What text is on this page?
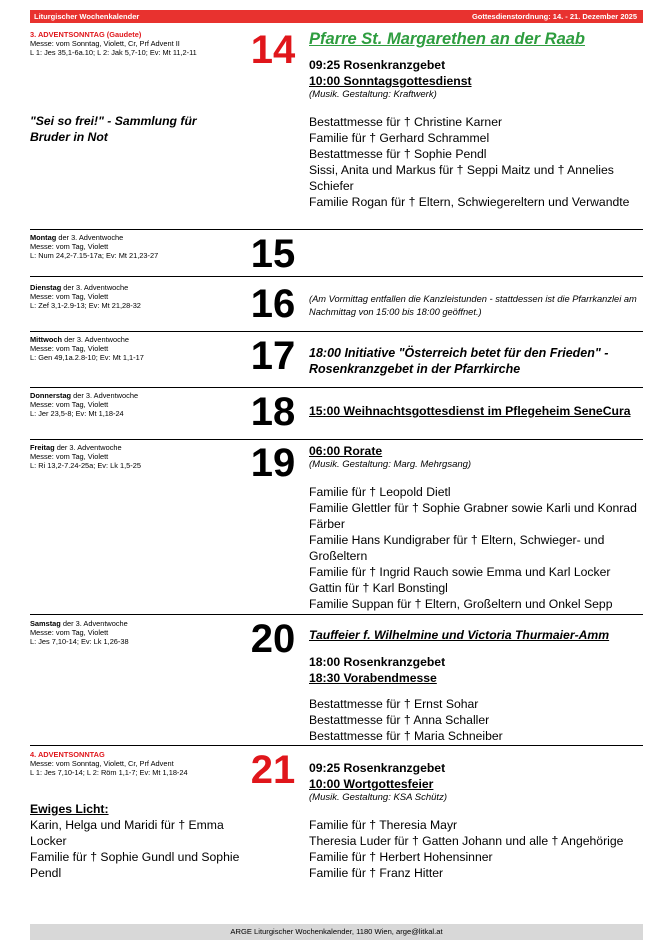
Liturgischer Wochenkalender	Gottesdienstordnung: 14. - 21. Dezember 2025
3. ADVENTSONNTAG (Gaudete)
Messe: vom Sonntag, Violett, Cr, Prf Advent II
L 1: Jes 35,1-6a.10; L 2: Jak 5,7-10; Ev: Mt 11,2-11
"Sei so frei!" - Sammlung für Bruder in Not
14 Pfarre St. Margarethen an der Raab
09:25 Rosenkranzgebet
10:00 Sonntagsgottesdienst
(Musik. Gestaltung: Kraftwerk)
Bestattmesse für † Christine Karner
Familie für † Gerhard Schrammel
Bestattmesse für † Sophie Pendl
Sissi, Anita und Markus für † Seppi Maitz und † Annelies Schiefer
Familie Rogan für † Eltern, Schwiegereltern und Verwandte
Montag der 3. Adventwoche
Messe: vom Tag, Violett
L: Num 24,2-7.15-17a; Ev: Mt 21,23-27	15
Dienstag der 3. Adventwoche
Messe: vom Tag, Violett
L: Zef 3,1-2.9-13; Ev: Mt 21,28-32	16	(Am Vormittag entfallen die Kanzleistunden - stattdessen ist die Pfarrkanzlei am Nachmittag von 15:00 bis 18:00 geöffnet.)
Mittwoch der 3. Adventwoche
Messe: vom Tag, Violett
L: Gen 49,1a.2.8-10; Ev: Mt 1,1-17	17	18:00 Initiative "Österreich betet für den Frieden" - Rosenkranzgebet in der Pfarrkirche
Donnerstag der 3. Adventwoche
Messe: vom Tag, Violett
L: Jer 23,5-8; Ev: Mt 1,18-24	18	15:00 Weihnachtsgottesdienst im Pflegeheim SeneCura
Freitag der 3. Adventwoche
Messe: vom Tag, Violett
L: Ri 13,2-7.24-25a; Ev: Lk 1,5-25	19	06:00 Rorate
(Musik. Gestaltung: Marg. Mehrgsang)
Familie für † Leopold Dietl
Familie Glettler für † Sophie Grabner sowie Karli und Konrad Färber
Familie Hans Kundigraber für † Eltern, Schwieger- und Großeltern
Familie für † Ingrid Rauch sowie Emma und Karl Locker
Gattin für † Karl Bonstingl
Familie Suppan für † Eltern, Großeltern und Onkel Sepp
Samstag der 3. Adventwoche
Messe: vom Tag, Violett
L: Jes 7,10-14; Ev: Lk 1,26-38	20	Tauffeier f. Wilhelmine und Victoria Thurmaier-Amm
18:00 Rosenkranzgebet
18:30 Vorabendmesse
Bestattmesse für † Ernst Sohar
Bestattmesse für † Anna Schaller
Bestattmesse für † Maria Schneiber
4. ADVENTSONNTAG
Messe: vom Sonntag, Violett, Cr, Prf Advent
L 1: Jes 7,10-14; L 2: Röm 1,1-7; Ev: Mt 1,18-24
Ewiges Licht:
Karin, Helga und Maridi für † Emma Locker
Familie für † Sophie Gundl und Sophie Pendl
21	09:25 Rosenkranzgebet
10:00 Wortgottesfeier
(Musik. Gestaltung: KSA Schütz)
Familie für † Theresia Mayr
Theresia Luder für † Gatten Johann und alle † Angehörige
Familie für † Herbert Hohensinner
Familie für † Franz Hitter
ARGE Liturgischer Wochenkalender, 1180 Wien, arge@litkal.at
